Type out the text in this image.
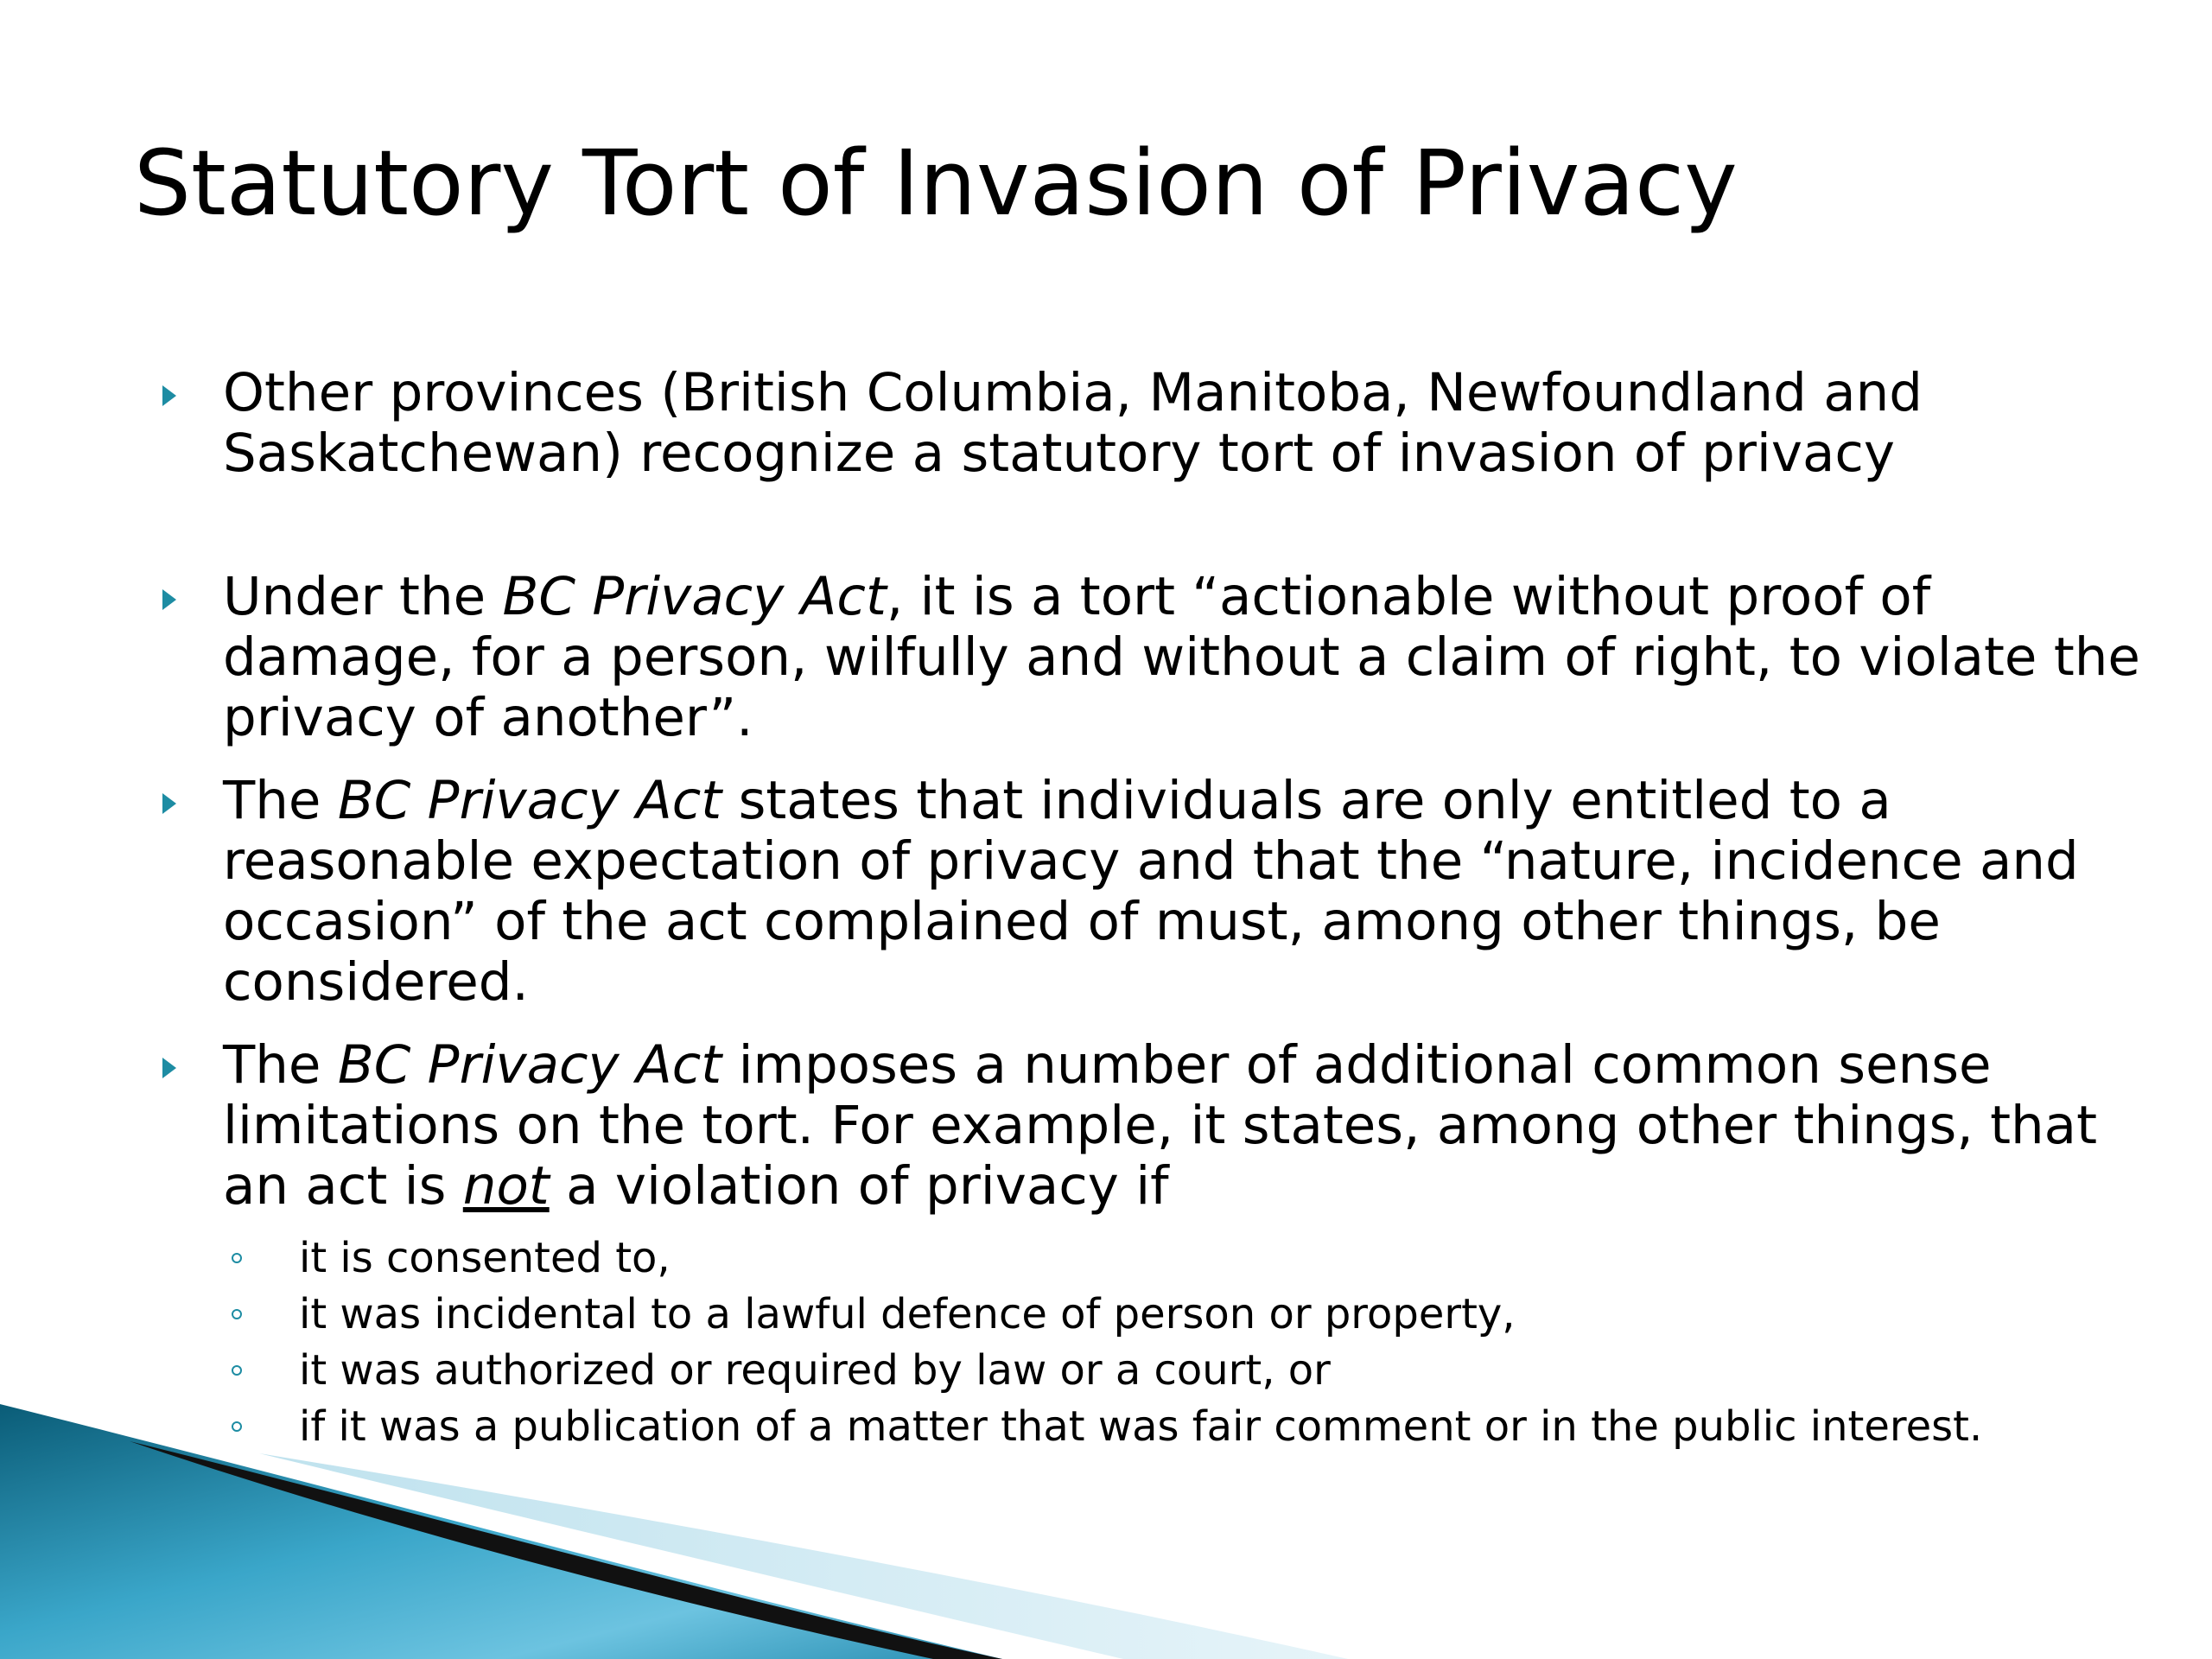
Statutory Tort of Invasion of Privacy
Other provinces (British Columbia, Manitoba, Newfoundland and Saskatchewan) recognize a statutory tort of invasion of privacy
Under the BC Privacy Act, it is a tort “actionable without proof of damage, for a person, wilfully and without a claim of right, to violate the privacy of another”.
The BC Privacy Act states that individuals are only entitled to a reasonable expectation of privacy and that the “nature, incidence and occasion” of the act complained of must, among other things, be considered.
The BC Privacy Act imposes a number of additional common sense limitations on the tort. For example, it states, among other things, that an act is not a violation of privacy if
it is consented to,
it was incidental to a lawful defence of person or property,
it was authorized or required by law or a court, or
if it was a publication of a matter that was fair comment or in the public interest.
